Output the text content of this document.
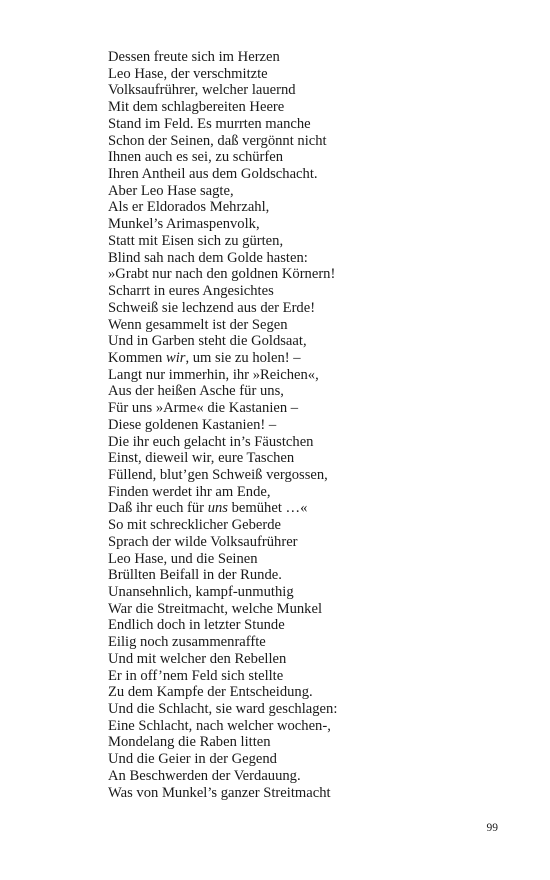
Dessen freute sich im Herzen
Leo Hase, der verschmitzte
Volksaufrührer, welcher lauernd
Mit dem schlagbereiten Heere
Stand im Feld. Es murrten manche
Schon der Seinen, daß vergönnt nicht
Ihnen auch es sei, zu schürfen
Ihren Antheil aus dem Goldschacht.
Aber Leo Hase sagte,
Als er Eldorados Mehrzahl,
Munkel’s Arimaspenvolk,
Statt mit Eisen sich zu gürten,
Blind sah nach dem Golde hasten:
»Grabt nur nach den goldnen Körnern!
Scharrt in eures Angesichtes
Schweiß sie lechzend aus der Erde!
Wenn gesammelt ist der Segen
Und in Garben steht die Goldsaat,
Kommen wir, um sie zu holen! –
Langt nur immerhin, ihr »Reichen«,
Aus der heißen Asche für uns,
Für uns »Arme« die Kastanien –
Diese goldenen Kastanien! –
Die ihr euch gelacht in’s Fäustchen
Einst, dieweil wir, eure Taschen
Füllend, blut’gen Schweiß vergossen,
Finden werdet ihr am Ende,
Daß ihr euch für uns bemühet …«
So mit schrecklicher Geberde
Sprach der wilde Volksaufrührer
Leo Hase, und die Seinen
Brüllten Beifall in der Runde.
Unansehnlich, kampf-unmuthig
War die Streitmacht, welche Munkel
Endlich doch in letzter Stunde
Eilig noch zusammenraffte
Und mit welcher den Rebellen
Er in off’nem Feld sich stellte
Zu dem Kampfe der Entscheidung.
Und die Schlacht, sie ward geschlagen:
Eine Schlacht, nach welcher wochen-,
Mondelang die Raben litten
Und die Geier in der Gegend
An Beschwerden der Verdauung.
Was von Munkel’s ganzer Streitmacht
99
